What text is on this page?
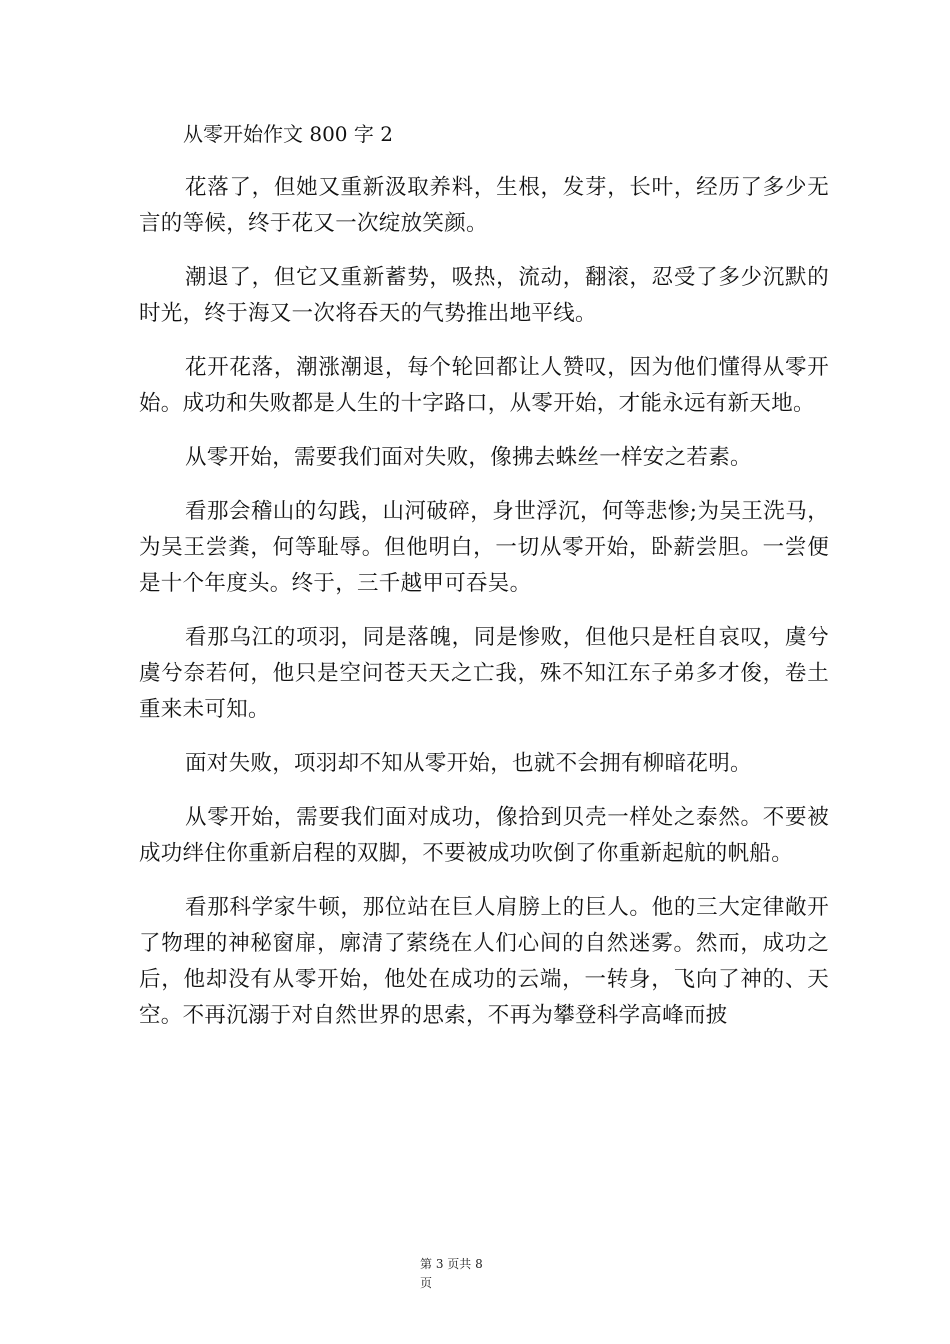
从零开始作文 800 字 2

花落了，但她又重新汲取养料，生根，发芽，长叶，经历了多少无言的等候，终于花又一次绽放笑颜。

潮退了，但它又重新蓄势，吸热，流动，翻滚，忍受了多少沉默的时光，终于海又一次将吞天的气势推出地平线。

花开花落，潮涨潮退，每个轮回都让人赞叹，因为他们懂得从零开始。成功和失败都是人生的十字路口，从零开始，才能永远有新天地。

从零开始，需要我们面对失败，像拂去蛛丝一样安之若素。

看那会稽山的勾践，山河破碎，身世浮沉，何等悲惨;为吴王洗马，为吴王尝粪，何等耻辱。但他明白，一切从零开始，卧薪尝胆。一尝便是十个年度头。终于，三千越甲可吞吴。

看那乌江的项羽，同是落魄，同是惨败，但他只是枉自哀叹，虞兮虞兮奈若何，他只是空问苍天天之亡我，殊不知江东子弟多才俊，卷土重来未可知。

面对失败，项羽却不知从零开始，也就不会拥有柳暗花明。

从零开始，需要我们面对成功，像拾到贝壳一样处之泰然。不要被成功绊住你重新启程的双脚，不要被成功吹倒了你重新起航的帆船。

看那科学家牛顿，那位站在巨人肩膀上的巨人。他的三大定律敞开了物理的神秘窗扉，廓清了萦绕在人们心间的自然迷雾。然而，成功之后，他却没有从零开始，他处在成功的云端，一转身，飞向了神的、天空。不再沉溺于对自然世界的思索，不再为攀登科学高峰而披

第 3 页共 8
页
